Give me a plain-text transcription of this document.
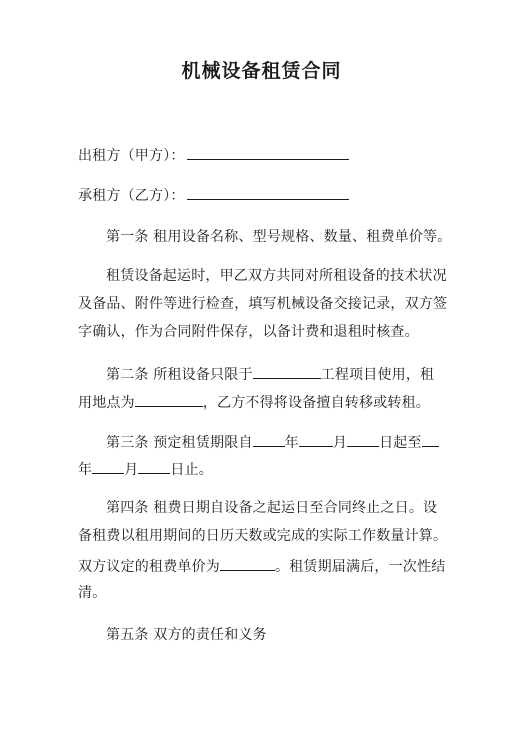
机械设备租赁合同
出租方（甲方）：
承租方（乙方）：
第一条 租用设备名称、型号规格、数量、租费单价等。
租赁设备起运时，甲乙双方共同对所租设备的技术状况
及备品、附件等进行检查，填写机械设备交接记录，双方签
字确认，作为合同附件保存，以备计费和退租时核查。
第二条 所租设备只限于	工程项目使用，租
用地点为	，乙方不得将设备擅自转移或转租。
第三条 预定租赁期限自 年 月 日起至
年 月 日止。
第四条 租费日期自设备之起运日至合同终止之日。设
备租费以租用期间的日历天数或完成的实际工作数量计算。
双方议定的租费单价为	。租赁期届满后，一次性结
清。
第五条 双方的责任和义务
